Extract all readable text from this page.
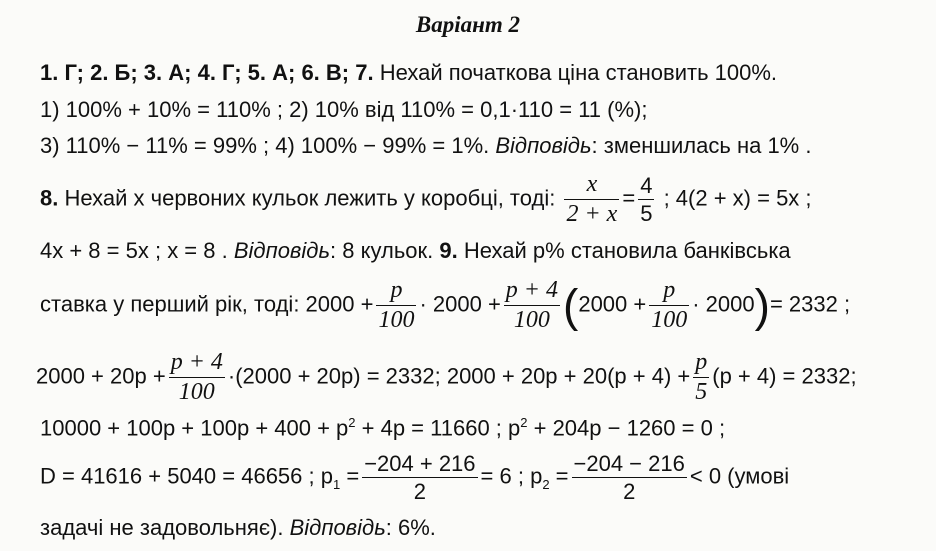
Варіант 2
1. Г; 2. Б; 3. А; 4. Г; 5. А; 6. В; 7. Нехай початкова ціна становить 100%.
1) 100% + 10% = 110% ; 2) 10% від 110% = 0,1·110 = 11 (%);
3) 110% − 11% = 99% ; 4) 100% − 99% = 1%. Відповідь: зменшилась на 1% .
8. Нехай x червоних кульок лежить у коробці, тоді: $\frac{x}{2 + x} = \frac{4}{5}$ ; 4(2 + x) = 5x ;
4x + 8 = 5x ; x = 8 . Відповідь: 8 кульок. 9. Нехай p% становила банківська
ставка у перший рік, тоді: $2000 + \frac{p}{100} \cdot 2000 + \frac{p + 4}{100} (2000 + \frac{p}{100} \cdot 2000)= 2332$ ;
$2000 + 20p + \frac{p + 4}{100} \cdot(2000 + 20p) = 2332$; $2000 + 20p + 20(p + 4) + \frac{p}{5} (p + 4) = 2332$;
$10000 + 100p + 100p + 400 + p^2 + 4p = 11660$ ; $p^2 + 204p - 1260 = 0$ ;
D = 41616 + 5040 = 46656 ; $p_1 = \frac{-204 + 216}{2} = 6$ ; $p_2 = \frac{-204 - 216}{2} < 0$ (умові
задачі не задовольняє). Відповідь: 6%.
